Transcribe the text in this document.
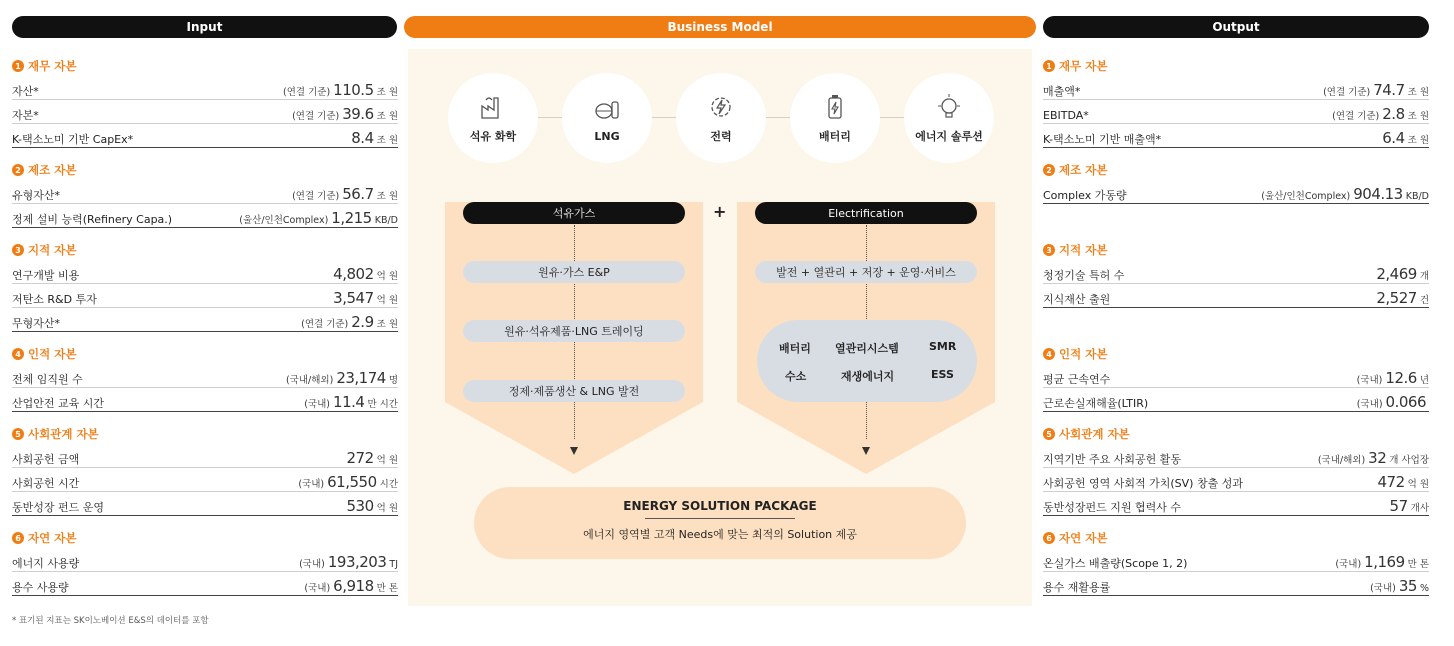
Input	Business Model	Output
1 재무 자본
자산*	(연결 기준) 110.5 조 원
자본*	(연결 기준) 39.6 조 원
K-택소노미 기반 CapEx*	8.4 조 원
2 제조 자본
유형자산*	(연결 기준) 56.7 조 원
정제 설비 능력(Refinery Capa.)	(울산/인천Complex) 1,215 KB/D
3 지적 자본
연구개발 비용	4,802 억 원
저탄소 R&D 투자	3,547 억 원
무형자산*	(연결 기준) 2.9 조 원
4 인적 자본
전체 임직원 수	(국내/해외) 23,174 명
산업안전 교육 시간	(국내) 11.4 만 시간
5 사회관계 자본
사회공헌 금액	272 억 원
사회공헌 시간	(국내) 61,550 시간
동반성장 펀드 운영	530 억 원
6 자연 자본
에너지 사용량	(국내) 193,203 TJ
용수 사용량	(국내) 6,918 만 톤
1 재무 자본
매출액*	(연결 기준) 74.7 조 원
EBITDA*	(연결 기준) 2.8 조 원
K-택소노미 기반 매출액*	6.4 조 원
2 제조 자본
Complex 가동량	(울산/인천Complex) 904.13 KB/D
3 지적 자본
청정기술 특허 수	2,469 개
지식재산 출원	2,527 건
4 인적 자본
평균 근속연수	(국내) 12.6 년
근로손실재해율(LTIR)	(국내) 0.066
5 사회관계 자본
지역기반 주요 사회공헌 활동	(국내/해외) 32 개 사업장
사회공헌 영역 사회적 가치(SV) 창출 성과	472 억 원
동반성장펀드 지원 협력사 수	57 개사
6 자연 자본
온실가스 배출량(Scope 1, 2)	(국내) 1,169 만 톤
용수 재활용률	(국내) 35 %
* 표기된 지표는 SK이노베이션 E&S의 데이터를 포함
석유 화학	LNG	전력	배터리	에너지 솔루션
석유가스
원유·가스 E&P
원유·석유제품·LNG 트레이딩
정제·제품생산 & LNG 발전
+	Electrification
발전 + 열관리 + 저장 + 운영·서비스
배터리 열관리시스템	SMR
수소	재생에너지	ESS
ENERGY SOLUTION PACKAGE
에너지 영역별 고객 Needs에 맞는 최적의 Solution 제공
